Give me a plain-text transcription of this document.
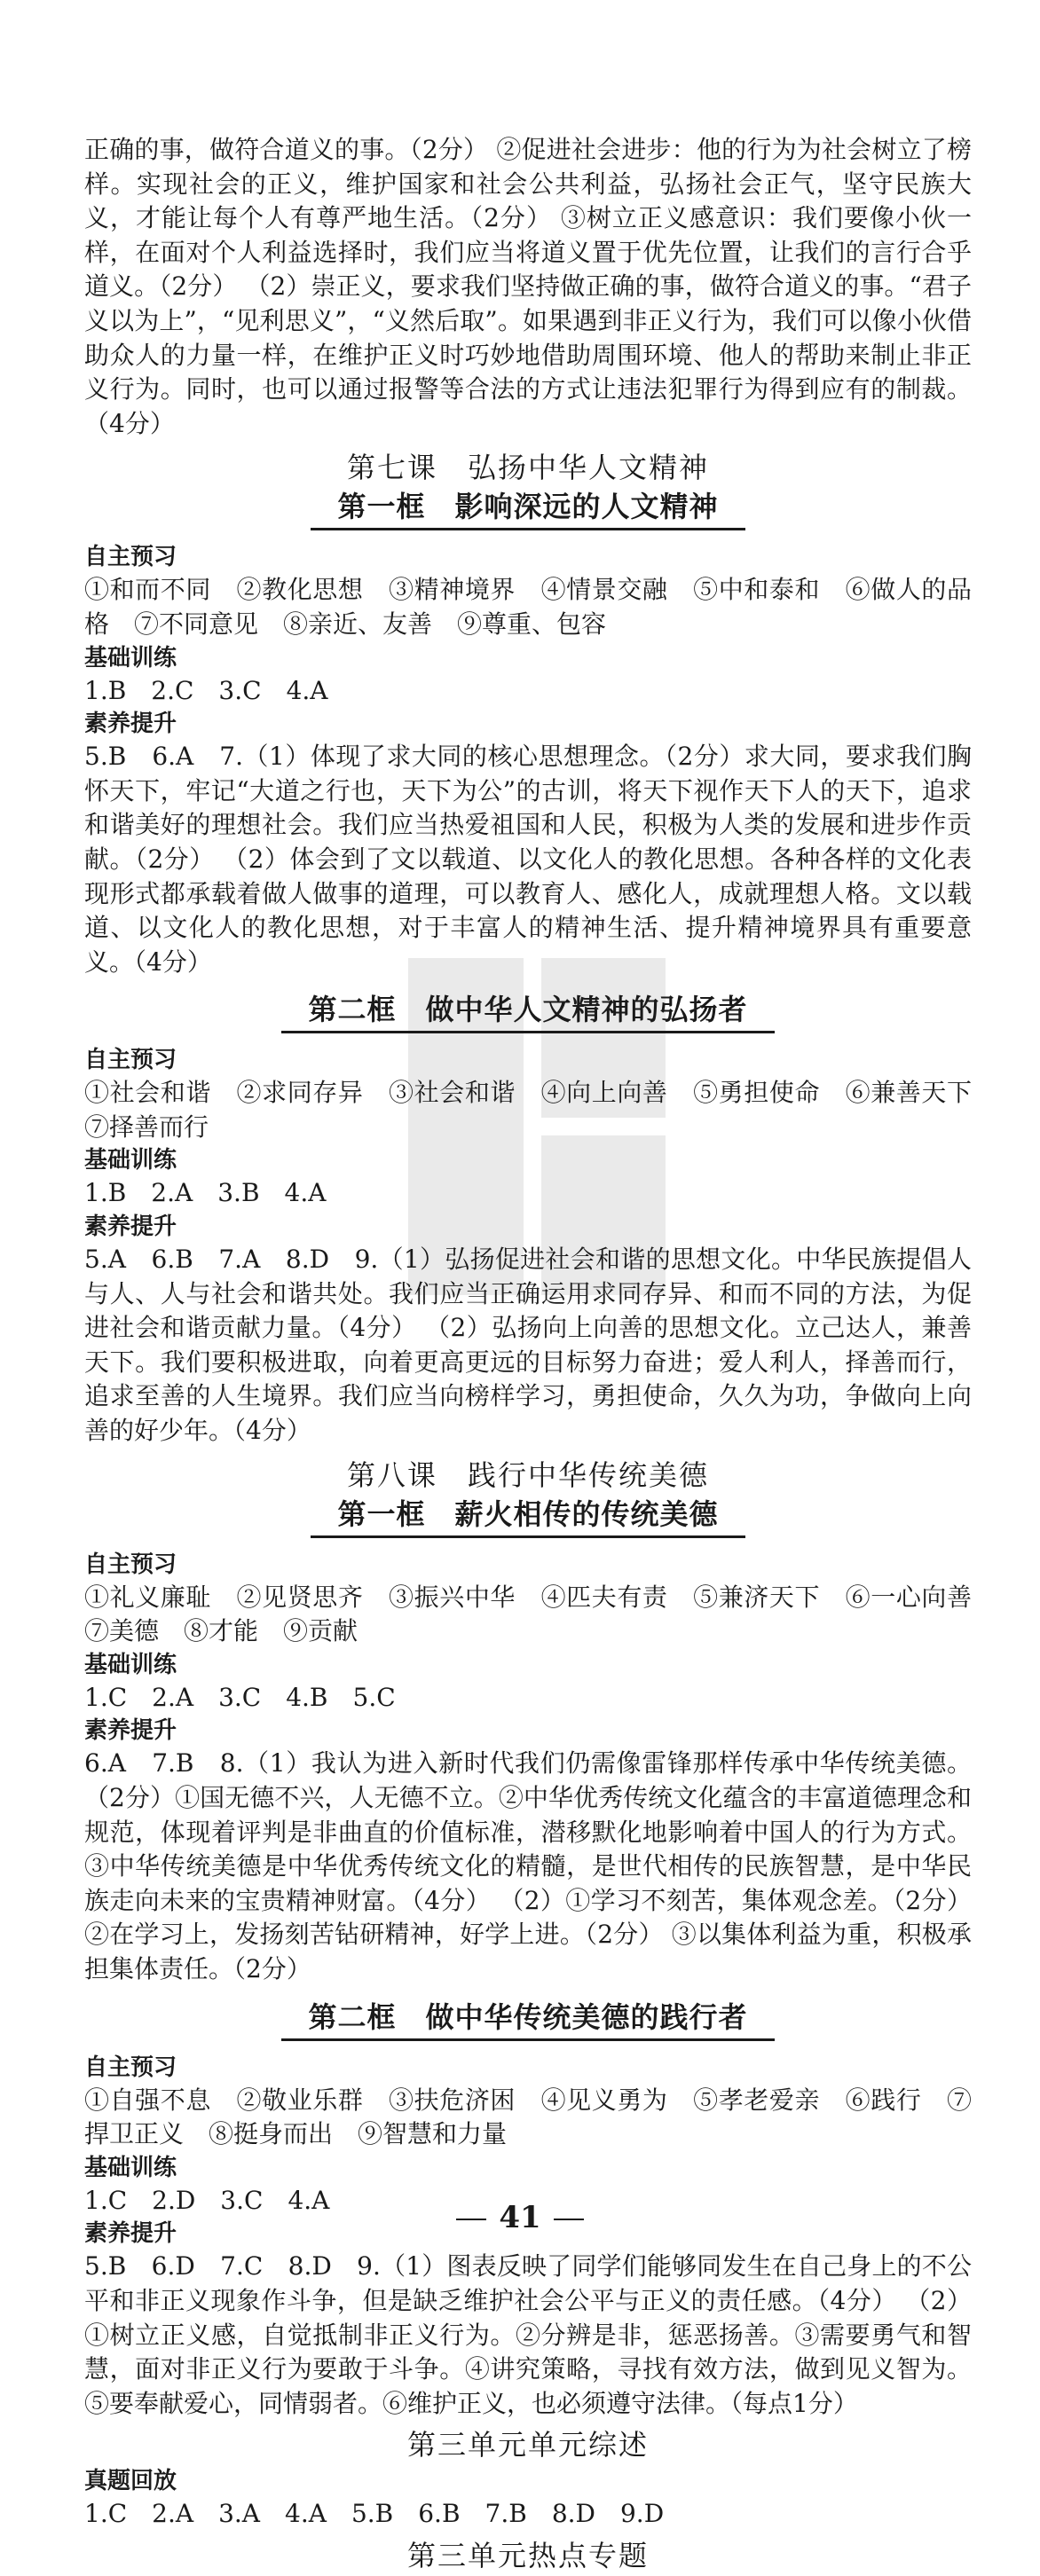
正确的事，做符合道义的事。（2分） ②促进社会进步：他的行为为社会树立了榜样。实现社会的正义，维护国家和社会公共利益，弘扬社会正气，坚守民族大义，才能让每个人有尊严地生活。（2分） ③树立正义感意识：我们要像小伙一样，在面对个人利益选择时，我们应当将道义置于优先位置，让我们的言行合乎道义。（2分） （2）崇正义，要求我们坚持做正确的事，做符合道义的事。“君子义以为上”，“见利思义”，“义然后取”。如果遇到非正义行为，我们可以像小伙借助众人的力量一样，在维护正义时巧妙地借助周围环境、他人的帮助来制止非正义行为。同时，也可以通过报警等合法的方式让违法犯罪行为得到应有的制裁。（4分）

第七课　弘扬中华人文精神
第一框　影响深远的人文精神

自主预习

①和而不同　②教化思想　③精神境界　④情景交融　⑤中和泰和　⑥做人的品格　⑦不同意见　⑧亲近、友善　⑨尊重、包容

基础训练

1.B　2.C　3.C　4.A

素养提升

5.B　6.A　7.（1）体现了求大同的核心思想理念。（2分）求大同，要求我们胸怀天下，牢记“大道之行也，天下为公”的古训，将天下视作天下人的天下，追求和谐美好的理想社会。我们应当热爱祖国和人民，积极为人类的发展和进步作贡献。（2分） （2）体会到了文以载道、以文化人的教化思想。各种各样的文化表现形式都承载着做人做事的道理，可以教育人、感化人，成就理想人格。文以载道、以文化人的教化思想，对于丰富人的精神生活、提升精神境界具有重要意义。（4分）

第二框　做中华人文精神的弘扬者

自主预习

①社会和谐　②求同存异　③社会和谐　④向上向善　⑤勇担使命　⑥兼善天下　⑦择善而行

基础训练

1.B　2.A　3.B　4.A

素养提升

5.A　6.B　7.A　8.D　9.（1）弘扬促进社会和谐的思想文化。中华民族提倡人与人、人与社会和谐共处。我们应当正确运用求同存异、和而不同的方法，为促进社会和谐贡献力量。（4分） （2）弘扬向上向善的思想文化。立己达人，兼善天下。我们要积极进取，向着更高更远的目标努力奋进；爱人利人，择善而行，追求至善的人生境界。我们应当向榜样学习，勇担使命，久久为功，争做向上向善的好少年。（4分）

第八课　践行中华传统美德
第一框　薪火相传的传统美德

自主预习

①礼义廉耻　②见贤思齐　③振兴中华　④匹夫有责　⑤兼济天下　⑥一心向善　⑦美德　⑧才能　⑨贡献

基础训练

1.C　2.A　3.C　4.B　5.C

素养提升

6.A　7.B　8.（1）我认为进入新时代我们仍需像雷锋那样传承中华传统美德。（2分）①国无德不兴，人无德不立。②中华优秀传统文化蕴含的丰富道德理念和规范，体现着评判是非曲直的价值标准，潜移默化地影响着中国人的行为方式。③中华传统美德是中华优秀传统文化的精髓，是世代相传的民族智慧，是中华民族走向未来的宝贵精神财富。（4分） （2）①学习不刻苦，集体观念差。（2分）②在学习上，发扬刻苦钻研精神，好学上进。（2分） ③以集体利益为重，积极承担集体责任。（2分）

第二框　做中华传统美德的践行者

自主预习

①自强不息　②敬业乐群　③扶危济困　④见义勇为　⑤孝老爱亲　⑥践行　⑦捍卫正义　⑧挺身而出　⑨智慧和力量

基础训练

1.C　2.D　3.C　4.A

素养提升

5.B　6.D　7.C　8.D　9.（1）图表反映了同学们能够同发生在自己身上的不公平和非正义现象作斗争，但是缺乏维护社会公平与正义的责任感。（4分） （2）①树立正义感，自觉抵制非正义行为。②分辨是非，惩恶扬善。③需要勇气和智慧，面对非正义行为要敢于斗争。④讲究策略，寻找有效方法，做到见义智为。⑤要奉献爱心，同情弱者。⑥维护正义，也必须遵守法律。（每点1分）

第三单元单元综述

真题回放

1.C　2.A　3.A　4.A　5.B　6.B　7.B　8.D　9.D

第三单元热点专题
41
